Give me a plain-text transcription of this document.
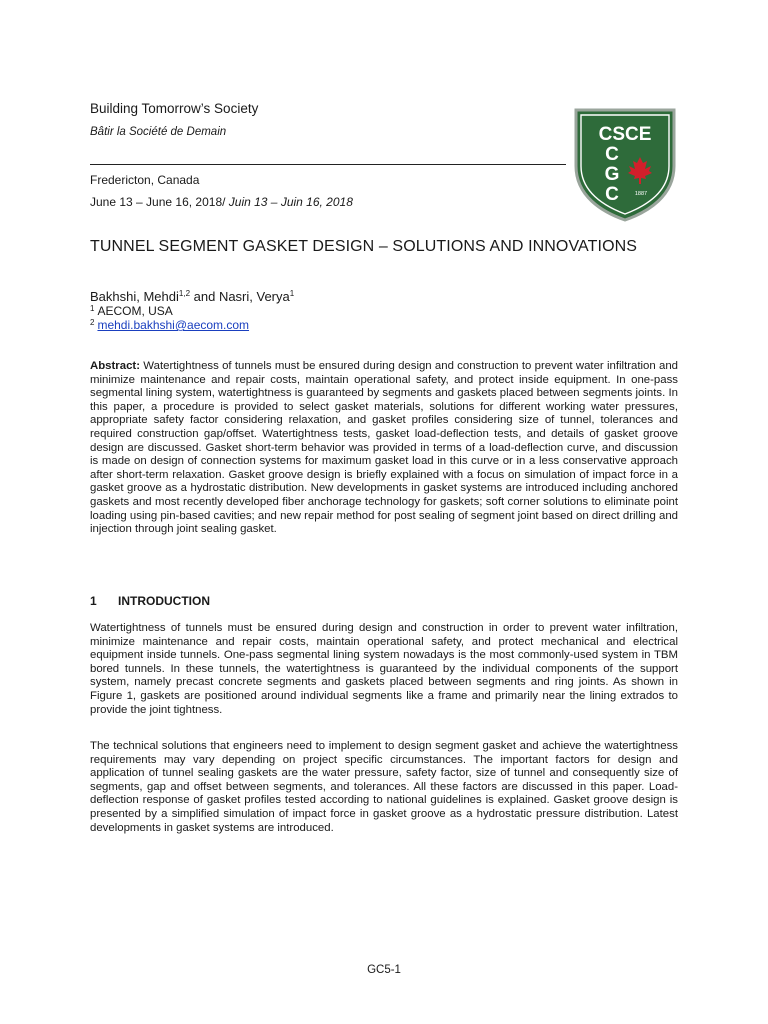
Building Tomorrow’s Society
Bâtir la Société de Demain
Fredericton, Canada
June 13 – June 16, 2018/ Juin 13 – Juin 16, 2018
CSCE
C
G
C	1887
TUNNEL SEGMENT GASKET DESIGN – SOLUTIONS AND INNOVATIONS
Bakhshi, Mehdi$^{1,2}$ and Nasri, Verya$^1$
$^1$ AECOM, USA
$^2$ mehdi.bakhshi@aecom.com
Abstract: Watertightness of tunnels must be ensured during design and construction to prevent water infiltration and minimize maintenance and repair costs, maintain operational safety, and protect inside equipment. In one-pass segmental lining system, watertightness is guaranteed by segments and gaskets placed between segments joints. In this paper, a procedure is provided to select gasket materials, solutions for different working water pressures, appropriate safety factor considering relaxation, and gasket profiles considering size of tunnel, tolerances and required construction gap/offset. Watertightness tests, gasket load-deflection tests, and details of gasket groove design are discussed. Gasket short-term behavior was provided in terms of a load-deflection curve, and discussion is made on design of connection systems for maximum gasket load in this curve or in a less conservative approach after short-term relaxation. Gasket groove design is briefly explained with a focus on simulation of impact force in a gasket groove as a hydrostatic distribution. New developments in gasket systems are introduced including anchored gaskets and most recently developed fiber anchorage technology for gaskets; soft corner solutions to eliminate point loading using pin-based cavities; and new repair method for post sealing of segment joint based on direct drilling and injection through joint sealing gasket.
1 INTRODUCTION
Watertightness of tunnels must be ensured during design and construction in order to prevent water infiltration, minimize maintenance and repair costs, maintain operational safety, and protect mechanical and electrical equipment inside tunnels. One-pass segmental lining system nowadays is the most commonly-used system in TBM bored tunnels. In these tunnels, the watertightness is guaranteed by the individual components of the support system, namely precast concrete segments and gaskets placed between segments and ring joints. As shown in Figure 1, gaskets are positioned around individual segments like a frame and primarily near the lining extrados to provide the joint tightness.
The technical solutions that engineers need to implement to design segment gasket and achieve the watertightness requirements may vary depending on project specific circumstances. The important factors for design and application of tunnel sealing gaskets are the water pressure, safety factor, size of tunnel and consequently size of segments, gap and offset between segments, and tolerances. All these factors are discussed in this paper. Load-deflection response of gasket profiles tested according to national guidelines is explained. Gasket groove design is presented by a simplified simulation of impact force in gasket groove as a hydrostatic pressure distribution. Latest developments in gasket systems are introduced.
GC5-1
